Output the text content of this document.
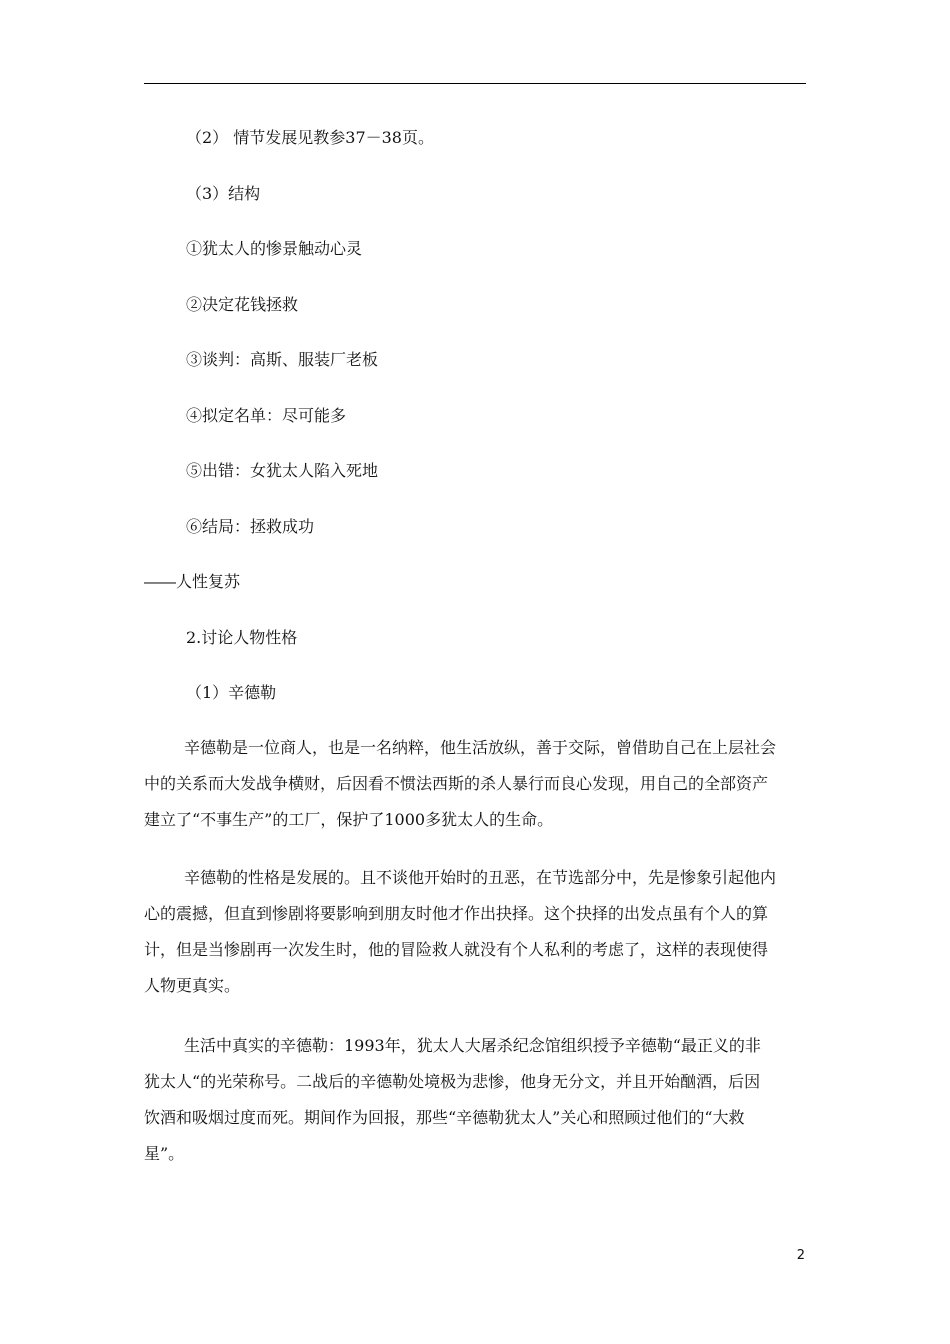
（2） 情节发展见教参37－38页。
（3）结构
①犹太人的惨景触动心灵
②决定花钱拯救
③谈判：高斯、服装厂老板
④拟定名单：尽可能多
⑤出错：女犹太人陷入死地
⑥结局：拯救成功
――人性复苏
2.讨论人物性格
（1）辛德勒
辛德勒是一位商人，也是一名纳粹，他生活放纵，善于交际，曾借助自己在上层社会
中的关系而大发战争横财，后因看不惯法西斯的杀人暴行而良心发现，用自己的全部资产
建立了“不事生产”的工厂，保护了1000多犹太人的生命。
辛德勒的性格是发展的。且不谈他开始时的丑恶，在节选部分中，先是惨象引起他内
心的震撼，但直到惨剧将要影响到朋友时他才作出抉择。这个抉择的出发点虽有个人的算
计，但是当惨剧再一次发生时，他的冒险救人就没有个人私利的考虑了，这样的表现使得
人物更真实。
生活中真实的辛德勒：1993年，犹太人大屠杀纪念馆组织授予辛德勒“最正义的非
犹太人“的光荣称号。二战后的辛德勒处境极为悲惨，他身无分文，并且开始酗酒，后因
饮酒和吸烟过度而死。期间作为回报，那些“辛德勒犹太人”关心和照顾过他们的“大救
星”。
2
